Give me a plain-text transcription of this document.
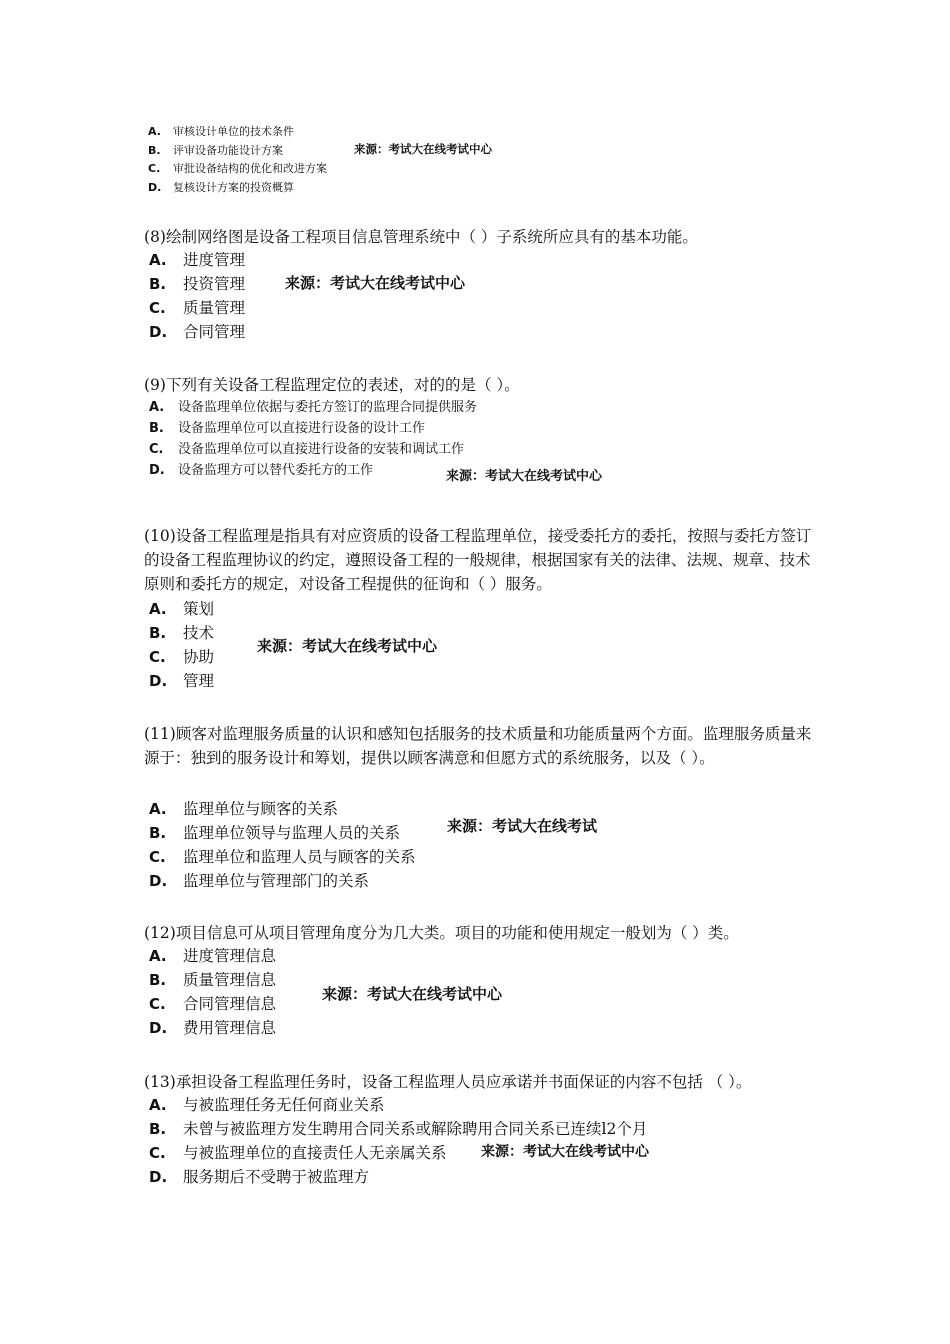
A.	审核设计单位的技术条件
B.	评审设备功能设计方案
C.	审批设备结构的优化和改进方案
D.	复核设计方案的投资概算
来源：考试大在线考试中心
(8)绘制网络图是设备工程项目信息管理系统中（ ）子系统所应具有的基本功能。
A.	进度管理
B.	投资管理
C.	质量管理
D.	合同管理
来源：考试大在线考试中心
(9)下列有关设备工程监理定位的表述，对的的是（ ）。
A.	设备监理单位依据与委托方签订的监理合同提供服务
B.	设备监理单位可以直接进行设备的设计工作
C.	没备监理单位可以直接进行设备的安装和调试工作
D.	设备监理方可以替代委托方的工作	来源：考试大在线考试中心
(10)设备工程监理是指具有对应资质的设备工程监理单位，接受委托方的委托，按照与委托方签订的设备工程监理协议的约定，遵照设备工程的一般规律，根据国家有关的法律、法规、规章、技术原则和委托方的规定，对设备工程提供的征询和（ ）服务。
A.	策划
B.	技术
C.	协助
D.	管理
来源：考试大在线考试中心
(11)顾客对监理服务质量的认识和感知包括服务的技术质量和功能质量两个方面。监理服务质量来源于：独到的服务设计和筹划，提供以顾客满意和但愿方式的系统服务，以及（ ）。
A.	监理单位与顾客的关系
B.	监理单位领导与监理人员的关系
C.	监理单位和监理人员与顾客的关系
D.	监理单位与管理部门的关系
来源：考试大在线考试
(12)项目信息可从项目管理角度分为几大类。项目的功能和使用规定一般划为（ ）类。
A.	进度管理信息
B.	质量管理信息
C.	合同管理信息
D.	费用管理信息
来源：考试大在线考试中心
(13)承担设备工程监理任务时，设备工程监理人员应承诺并书面保证的内容不包括 （ ）。
A.	与被监理任务无任何商业关系
B.	未曾与被监理方发生聘用合同关系或解除聘用合同关系已连续l2个月
C.	与被监理单位的直接责任人无亲属关系
D.	服务期后不受聘于被监理方
来源：考试大在线考试中心
